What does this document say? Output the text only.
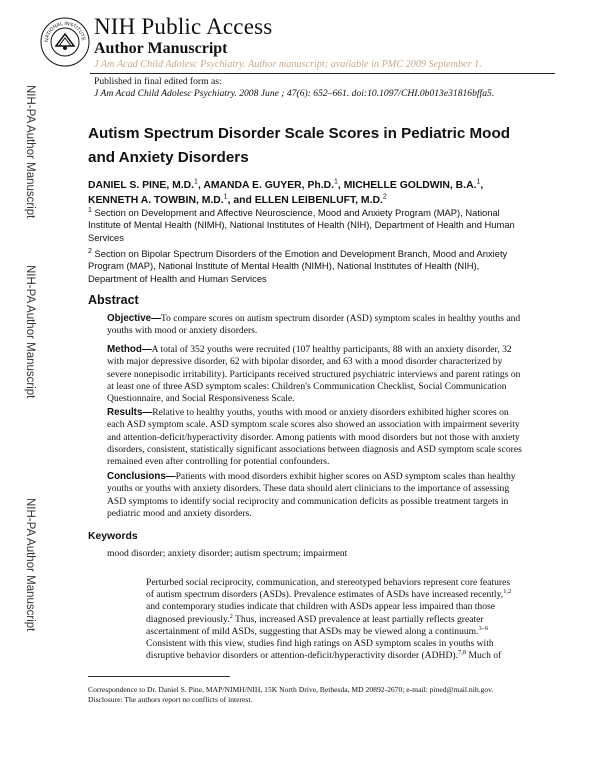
NATIONAL INSTITUTE
NIH Public Access
Author Manuscript
J Am Acad Child Adolesc Psychiatry. Author manuscript; available in PMC 2009 September 1.
Published in final edited form as:
J Am Acad Child Adolesc Psychiatry. 2008 June ; 47(6): 652–661. doi:10.1097/CHI.0b013e31816bffa5.
NIH-PA Author Manuscript
NIH-PA Author Manuscript
NIH-PA Author Manuscript
Autism Spectrum Disorder Scale Scores in Pediatric Mood and Anxiety Disorders
DANIEL S. PINE, M.D.$^1$, AMANDA E. GUYER, Ph.D.$^1$, MICHELLE GOLDWIN, B.A.$^1$, KENNETH A. TOWBIN, M.D.$^1$, and ELLEN LEIBENLUFT, M.D.$^2$
$^1$ Section on Development and Affective Neuroscience, Mood and Anxiety Program (MAP), National Institute of Mental Health (NIMH), National Institutes of Health (NIH), Department of Health and Human Services
$^2$ Section on Bipolar Spectrum Disorders of the Emotion and Development Branch, Mood and Anxiety Program (MAP), National Institute of Mental Health (NIMH), National Institutes of Health (NIH), Department of Health and Human Services
Abstract
Objective—To compare scores on autism spectrum disorder (ASD) symptom scales in healthy youths and youths with mood or anxiety disorders.
Method—A total of 352 youths were recruited (107 healthy participants, 88 with an anxiety disorder, 32 with major depressive disorder, 62 with bipolar disorder, and 63 with a mood disorder characterized by severe nonepisodic irritability). Participants received structured psychiatric interviews and parent ratings on at least one of three ASD symptom scales: Children's Communication Checklist, Social Communication Questionnaire, and Social Responsiveness Scale.
Results—Relative to healthy youths, youths with mood or anxiety disorders exhibited higher scores on each ASD symptom scale. ASD symptom scale scores also showed an association with impairment severity and attention-deficit/hyperactivity disorder. Among patients with mood disorders but not those with anxiety disorders, consistent, statistically significant associations between diagnosis and ASD symptom scale scores remained even after controlling for potential confounders.
Conclusions—Patients with mood disorders exhibit higher scores on ASD symptom scales than healthy youths or youths with anxiety disorders. These data should alert clinicians to the importance of assessing ASD symptoms to identify social reciprocity and communication deficits as possible treatment targets in pediatric mood and anxiety disorders.
Keywords
mood disorder; anxiety disorder; autism spectrum; impairment
Perturbed social reciprocity, communication, and stereotyped behaviors represent core features of autism spectrum disorders (ASDs). Prevalence estimates of ASDs have increased recently,$^{1,2}$ and contemporary studies indicate that children with ASDs appear less impaired than those diagnosed previously.$^2$ Thus, increased ASD prevalence at least partially reflects greater ascertainment of mild ASDs, suggesting that ASDs may be viewed along a continuum.$^{3-6}$ Consistent with this view, studies find high ratings on ASD symptom scales in youths with disruptive behavior disorders or attention-deficit/hyperactivity disorder (ADHD).$^{7,8}$ Much of
Correspondence to Dr. Daniel S. Pine, MAP/NIMH/NIH, 15K North Drive, Bethesda, MD 20892-2670; e-mail: pined@mail.nih.gov.
Disclosure: The authors report no conflicts of interest.
